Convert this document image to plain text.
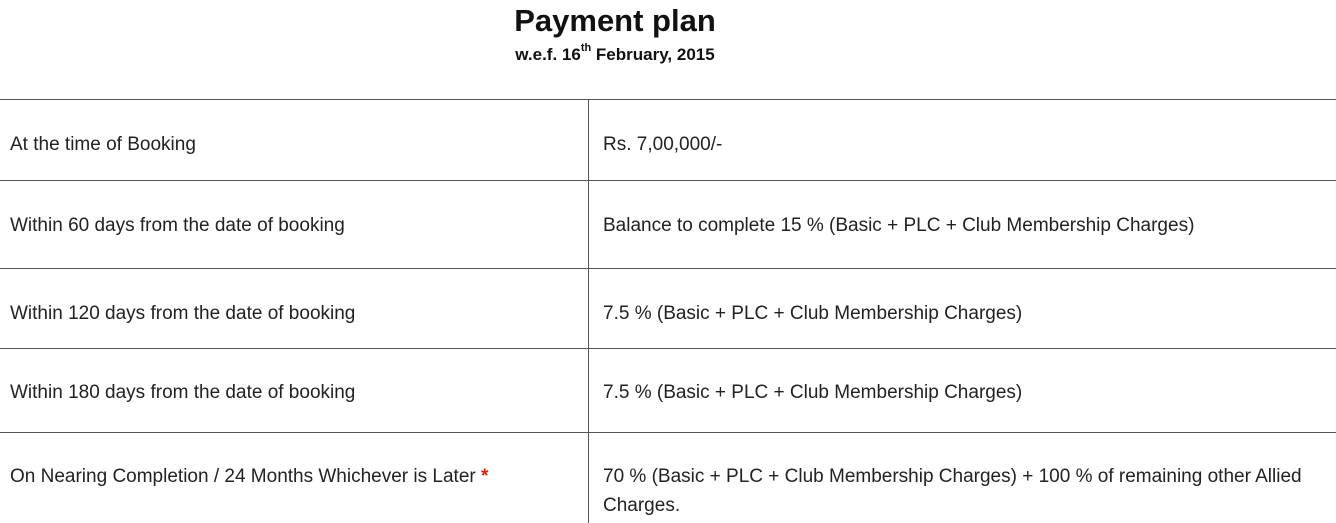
Payment plan
w.e.f. 16th February, 2015
At the time of Booking	Rs. 7,00,000/-

Within 60 days from the date of booking	Balance to complete 15 % (Basic + PLC + Club Membership Charges)

Within 120 days from the date of booking	7.5 % (Basic + PLC + Club Membership Charges)

Within 180 days from the date of booking	7.5 % (Basic + PLC + Club Membership Charges)

On Nearing Completion / 24 Months Whichever is Later *	70 % (Basic + PLC + Club Membership Charges) + 100 % of remaining other Allied Charges.
